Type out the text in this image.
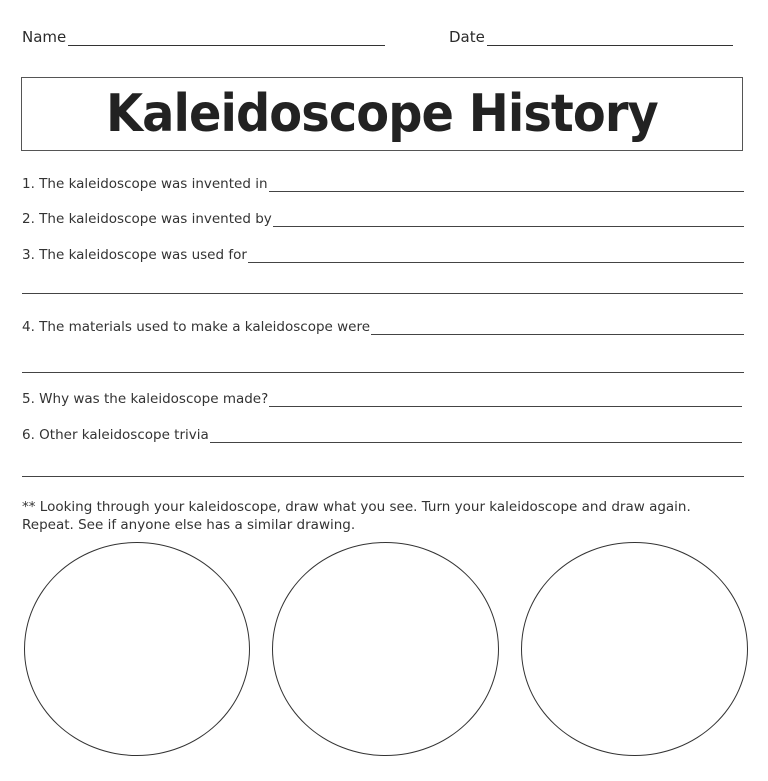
Name	Date
Kaleidoscope History
1. The kaleidoscope was invented in
2. The kaleidoscope was invented by
3. The kaleidoscope was used for
4. The materials used to make a kaleidoscope were
5. Why was the kaleidoscope made?
6. Other kaleidoscope trivia
** Looking through your kaleidoscope, draw what you see. Turn your kaleidoscope and draw again. Repeat. See if anyone else has a similar drawing.
